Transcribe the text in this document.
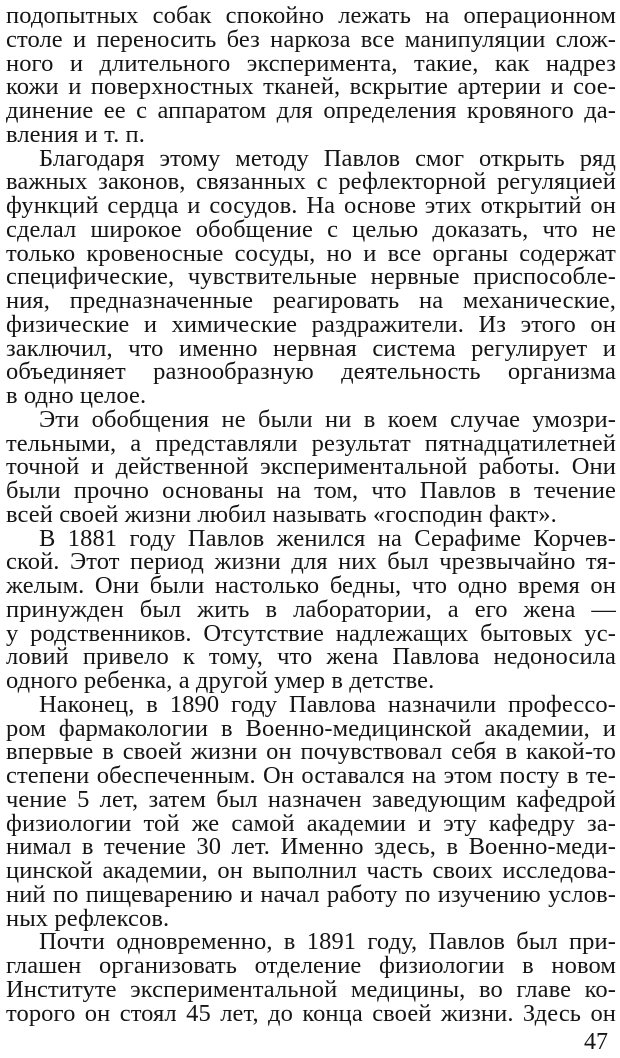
подопытных собак спокойно лежать на операционном
столе и переносить без наркоза все манипуляции слож-
ного и длительного эксперимента, такие, как надрез
кожи и поверхностных тканей, вскрытие артерии и сое-
динение ее с аппаратом для определения кровяного да-
вления и т. п.
Благодаря этому методу Павлов смог открыть ряд
важных законов, связанных с рефлекторной регуляцией
функций сердца и сосудов. На основе этих открытий он
сделал широкое обобщение с целью доказать, что не
только кровеносные сосуды, но и все органы содержат
специфические, чувствительные нервные приспособле-
ния, предназначенные реагировать на механические,
физические и химические раздражители. Из этого он
заключил, что именно нервная система регулирует и
объединяет разнообразную деятельность организма
в одно целое.
Эти обобщения не были ни в коем случае умозри-
тельными, а представляли результат пятнадцатилетней
точной и действенной экспериментальной работы. Они
были прочно основаны на том, что Павлов в течение
всей своей жизни любил называть «господин факт».
В 1881 году Павлов женился на Серафиме Корчев-
ской. Этот период жизни для них был чрезвычайно тя-
желым. Они были настолько бедны, что одно время он
принужден был жить в лаборатории, а его жена —
у родственников. Отсутствие надлежащих бытовых ус-
ловий привело к тому, что жена Павлова недоносила
одного ребенка, а другой умер в детстве.
Наконец, в 1890 году Павлова назначили профессо-
ром фармакологии в Военно-медицинской академии, и
впервые в своей жизни он почувствовал себя в какой-то
степени обеспеченным. Он оставался на этом посту в те-
чение 5 лет, затем был назначен заведующим кафедрой
физиологии той же самой академии и эту кафедру за-
нимал в течение 30 лет. Именно здесь, в Военно-меди-
цинской академии, он выполнил часть своих исследова-
ний по пищеварению и начал работу по изучению услов-
ных рефлексов.
Почти одновременно, в 1891 году, Павлов был при-
глашен организовать отделение физиологии в новом
Институте экспериментальной медицины, во главе ко-
торого он стоял 45 лет, до конца своей жизни. Здесь он
47
